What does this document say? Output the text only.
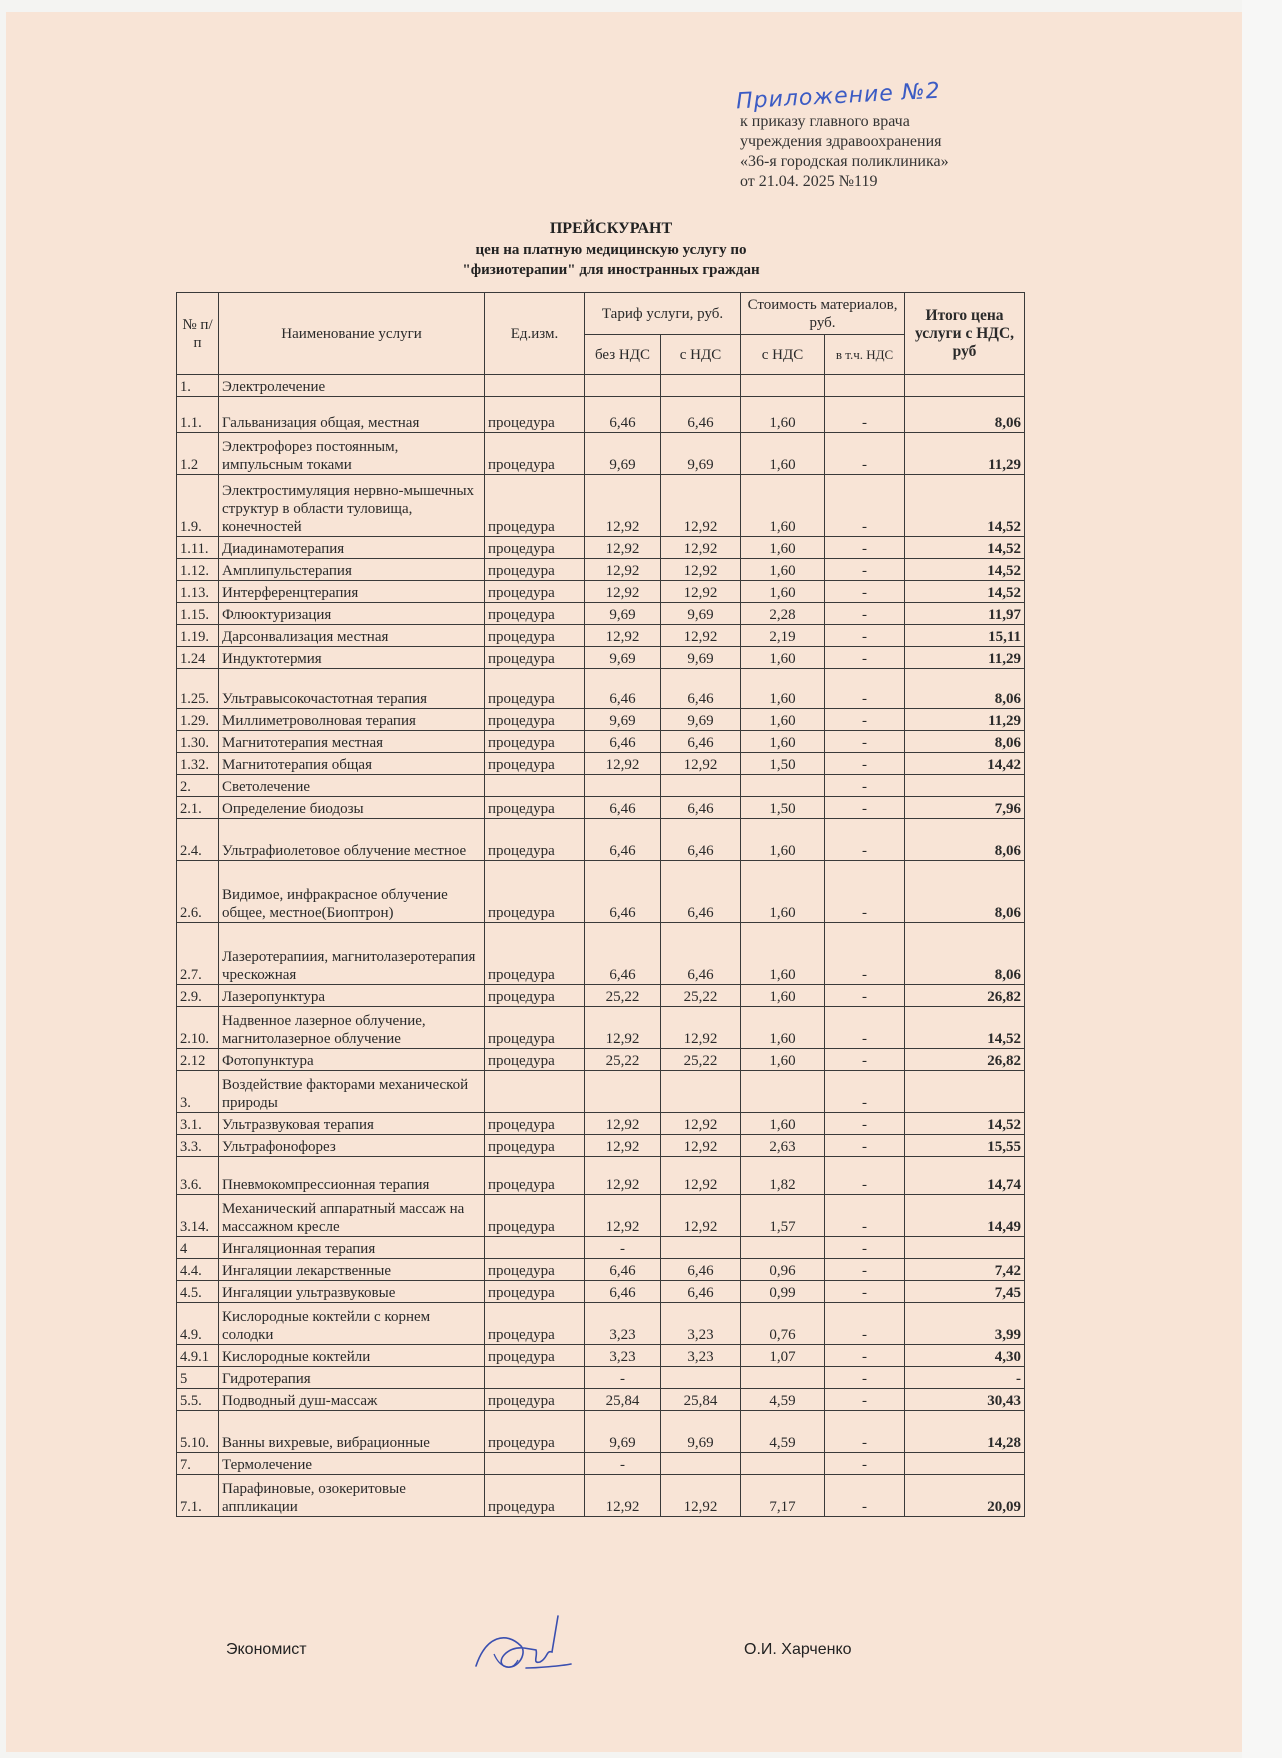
Приложение №2
к приказу главного врача
учреждения здравоохранения
«36-я городская поликлиника»
от 21.04. 2025 №119
ПРЕЙСКУРАНТ
цен на платную медицинскую услугу по
"физиотерапии" для иностранных граждан
№ п/п	Наименование услуги	Ед.изм.	Тариф услуги, руб.		Стоимость материалов, руб.		Итого цена услуги с НДС, руб
			без НДС	с НДС	с НДС	в т.ч. НДС	
1.	Электролечение						
1.1.	Гальванизация общая, местная	процедура	6,46	6,46	1,60	-	8,06
1.2	Электрофорез постоянным, импульсным токами	процедура	9,69	9,69	1,60	-	11,29
1.9.	Электростимуляция нервно-мышечных структур в области туловища, конечностей	процедура	12,92	12,92	1,60	-	14,52
1.11.	Диадинамотерапия	процедура	12,92	12,92	1,60	-	14,52
1.12.	Амплипульстерапия	процедура	12,92	12,92	1,60	-	14,52
1.13.	Интерференцтерапия	процедура	12,92	12,92	1,60	-	14,52
1.15.	Флюоктуризация	процедура	9,69	9,69	2,28	-	11,97
1.19.	Дарсонвализация местная	процедура	12,92	12,92	2,19	-	15,11
1.24	Индуктотермия	процедура	9,69	9,69	1,60	-	11,29
1.25.	Ультравысокочастотная терапия	процедура	6,46	6,46	1,60	-	8,06
1.29.	Миллиметроволновая терапия	процедура	9,69	9,69	1,60	-	11,29
1.30.	Магнитотерапия местная	процедура	6,46	6,46	1,60	-	8,06
1.32.	Магнитотерапия общая	процедура	12,92	12,92	1,50	-	14,42
2.	Светолечение					-	
2.1.	Определение биодозы	процедура	6,46	6,46	1,50	-	7,96
2.4.	Ультрафиолетовое облучение местное	процедура	6,46	6,46	1,60	-	8,06
2.6.	Видимое, инфракрасное облучение общее, местное(Биоптрон)	процедура	6,46	6,46	1,60	-	8,06
2.7.	Лазеротерапиия, магнитолазеротерапия чрескожная	процедура	6,46	6,46	1,60	-	8,06
2.9.	Лазеропунктура	процедура	25,22	25,22	1,60	-	26,82
2.10.	Надвенное лазерное облучение, магнитолазерное облучение	процедура	12,92	12,92	1,60	-	14,52
2.12	Фотопунктура	процедура	25,22	25,22	1,60	-	26,82
3.	Воздействие факторами механической природы					-	
3.1.	Ультразвуковая терапия	процедура	12,92	12,92	1,60	-	14,52
3.3.	Ультрафонофорез	процедура	12,92	12,92	2,63	-	15,55
3.6.	Пневмокомпрессионная терапия	процедура	12,92	12,92	1,82	-	14,74
3.14.	Механический аппаратный массаж на массажном кресле	процедура	12,92	12,92	1,57	-	14,49
4	Ингаляционная терапия		-			-	
4.4.	Ингаляции лекарственные	процедура	6,46	6,46	0,96	-	7,42
4.5.	Ингаляции ультразвуковые	процедура	6,46	6,46	0,99	-	7,45
4.9.	Кислородные коктейли с корнем солодки	процедура	3,23	3,23	0,76	-	3,99
4.9.1	Кислородные коктейли	процедура	3,23	3,23	1,07	-	4,30
5	Гидротерапия		-			-	-
5.5.	Подводный душ-массаж	процедура	25,84	25,84	4,59	-	30,43
5.10.	Ванны вихревые, вибрационные	процедура	9,69	9,69	4,59	-	14,28
7.	Термолечение		-			-	
7.1.	Парафиновые, озокеритовые аппликации	процедура	12,92	12,92	7,17	-	20,09
Экономист	О.И. Харченко
